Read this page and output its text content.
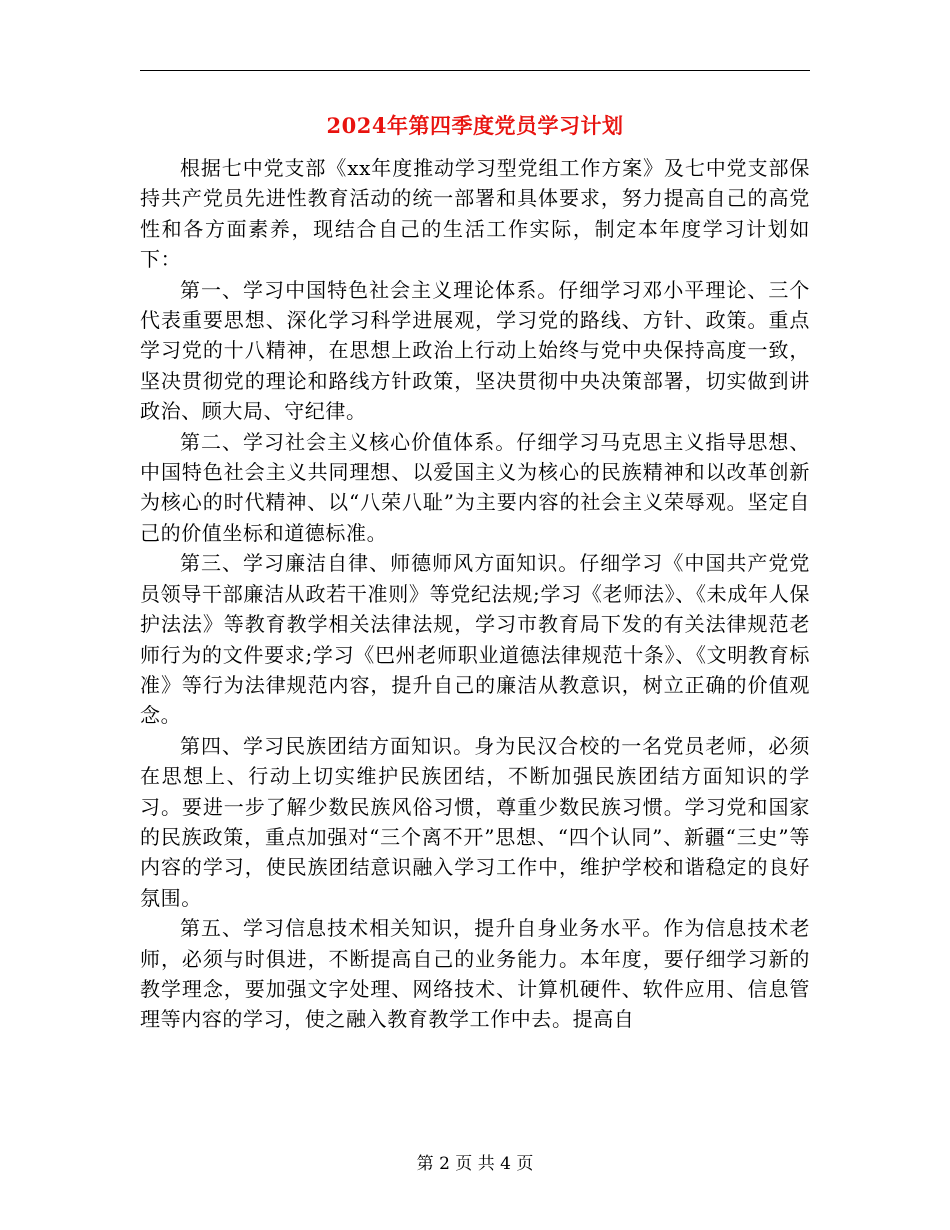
2024年第四季度党员学习计划

根据七中党支部《xx年度推动学习型党组工作方案》及七中党支部保持共产党员先进性教育活动的统一部署和具体要求，努力提高自己的高党性和各方面素养，现结合自己的生活工作实际，制定本年度学习计划如下：

第一、学习中国特色社会主义理论体系。仔细学习邓小平理论、三个代表重要思想、深化学习科学进展观，学习党的路线、方针、政策。重点学习党的十八精神，在思想上政治上行动上始终与党中央保持高度一致，坚决贯彻党的理论和路线方针政策，坚决贯彻中央决策部署，切实做到讲政治、顾大局、守纪律。

第二、学习社会主义核心价值体系。仔细学习马克思主义指导思想、中国特色社会主义共同理想、以爱国主义为核心的民族精神和以改革创新为核心的时代精神、以“八荣八耻”为主要内容的社会主义荣辱观。坚定自己的价值坐标和道德标准。

第三、学习廉洁自律、师德师风方面知识。仔细学习《中国共产党党员领导干部廉洁从政若干准则》等党纪法规;学习《老师法》、《未成年人保护法法》等教育教学相关法律法规，学习市教育局下发的有关法律规范老师行为的文件要求;学习《巴州老师职业道德法律规范十条》、《文明教育标准》等行为法律规范内容，提升自己的廉洁从教意识，树立正确的价值观念。

第四、学习民族团结方面知识。身为民汉合校的一名党员老师，必须在思想上、行动上切实维护民族团结，不断加强民族团结方面知识的学习。要进一步了解少数民族风俗习惯，尊重少数民族习惯。学习党和国家的民族政策，重点加强对“三个离不开”思想、“四个认同”、新疆“三史”等内容的学习，使民族团结意识融入学习工作中，维护学校和谐稳定的良好氛围。

第五、学习信息技术相关知识，提升自身业务水平。作为信息技术老师，必须与时俱进，不断提高自己的业务能力。本年度，要仔细学习新的教学理念，要加强文字处理、网络技术、计算机硬件、软件应用、信息管理等内容的学习，使之融入教育教学工作中去。提高自

第 2 页 共 4 页
